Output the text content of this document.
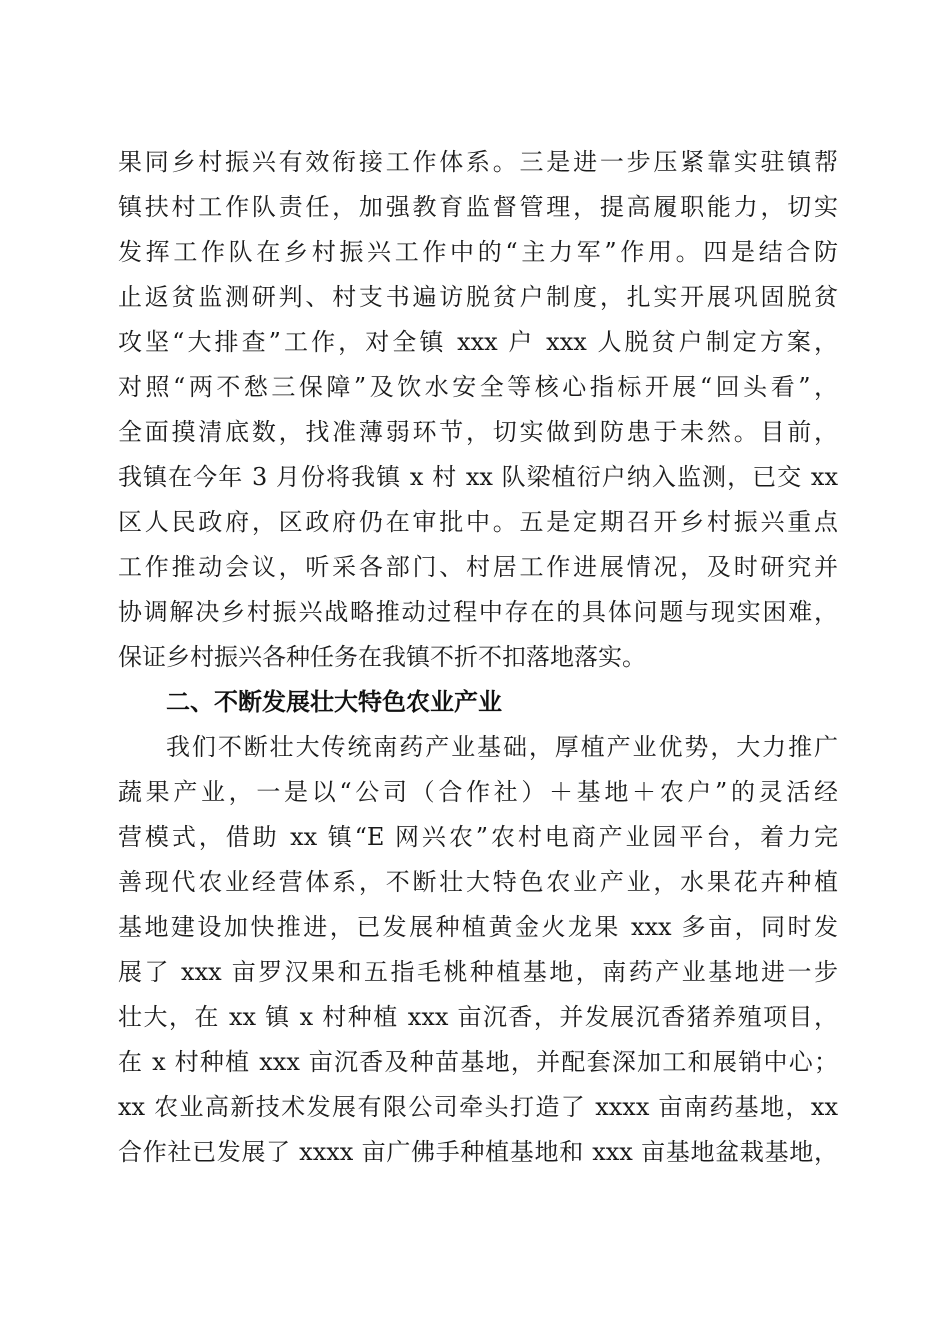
果同乡村振兴有效衔接工作体系。三是进一步压紧靠实驻镇帮
镇扶村工作队责任，加强教育监督管理，提高履职能力，切实
发挥工作队在乡村振兴工作中的“主力军”作用。四是结合防
止返贫监测研判、村支书遍访脱贫户制度，扎实开展巩固脱贫
攻坚“大排查”工作，对全镇 xxx 户 xxx 人脱贫户制定方案，
对照“两不愁三保障”及饮水安全等核心指标开展“回头看”，
全面摸清底数，找准薄弱环节，切实做到防患于未然。目前，
我镇在今年 3 月份将我镇 x 村 xx 队梁植衍户纳入监测，已交 xx
区人民政府，区政府仍在审批中。五是定期召开乡村振兴重点
工作推动会议，听采各部门、村居工作进展情况，及时研究并
协调解决乡村振兴战略推动过程中存在的具体问题与现实困难，
保证乡村振兴各种任务在我镇不折不扣落地落实。
二、不断发展壮大特色农业产业
我们不断壮大传统南药产业基础，厚植产业优势，大力推广
蔬果产业，一是以“公司（合作社）＋基地＋农户”的灵活经
营模式，借助 xx 镇“E 网兴农”农村电商产业园平台，着力完
善现代农业经营体系，不断壮大特色农业产业，水果花卉种植
基地建设加快推进，已发展种植黄金火龙果 xxx 多亩，同时发
展了 xxx 亩罗汉果和五指毛桃种植基地，南药产业基地进一步
壮大，在 xx 镇 x 村种植 xxx 亩沉香，并发展沉香猪养殖项目，
在 x 村种植 xxx 亩沉香及种苗基地，并配套深加工和展销中心；
xx 农业高新技术发展有限公司牵头打造了 xxxx 亩南药基地，xx
合作社已发展了 xxxx 亩广佛手种植基地和 xxx 亩基地盆栽基地，
